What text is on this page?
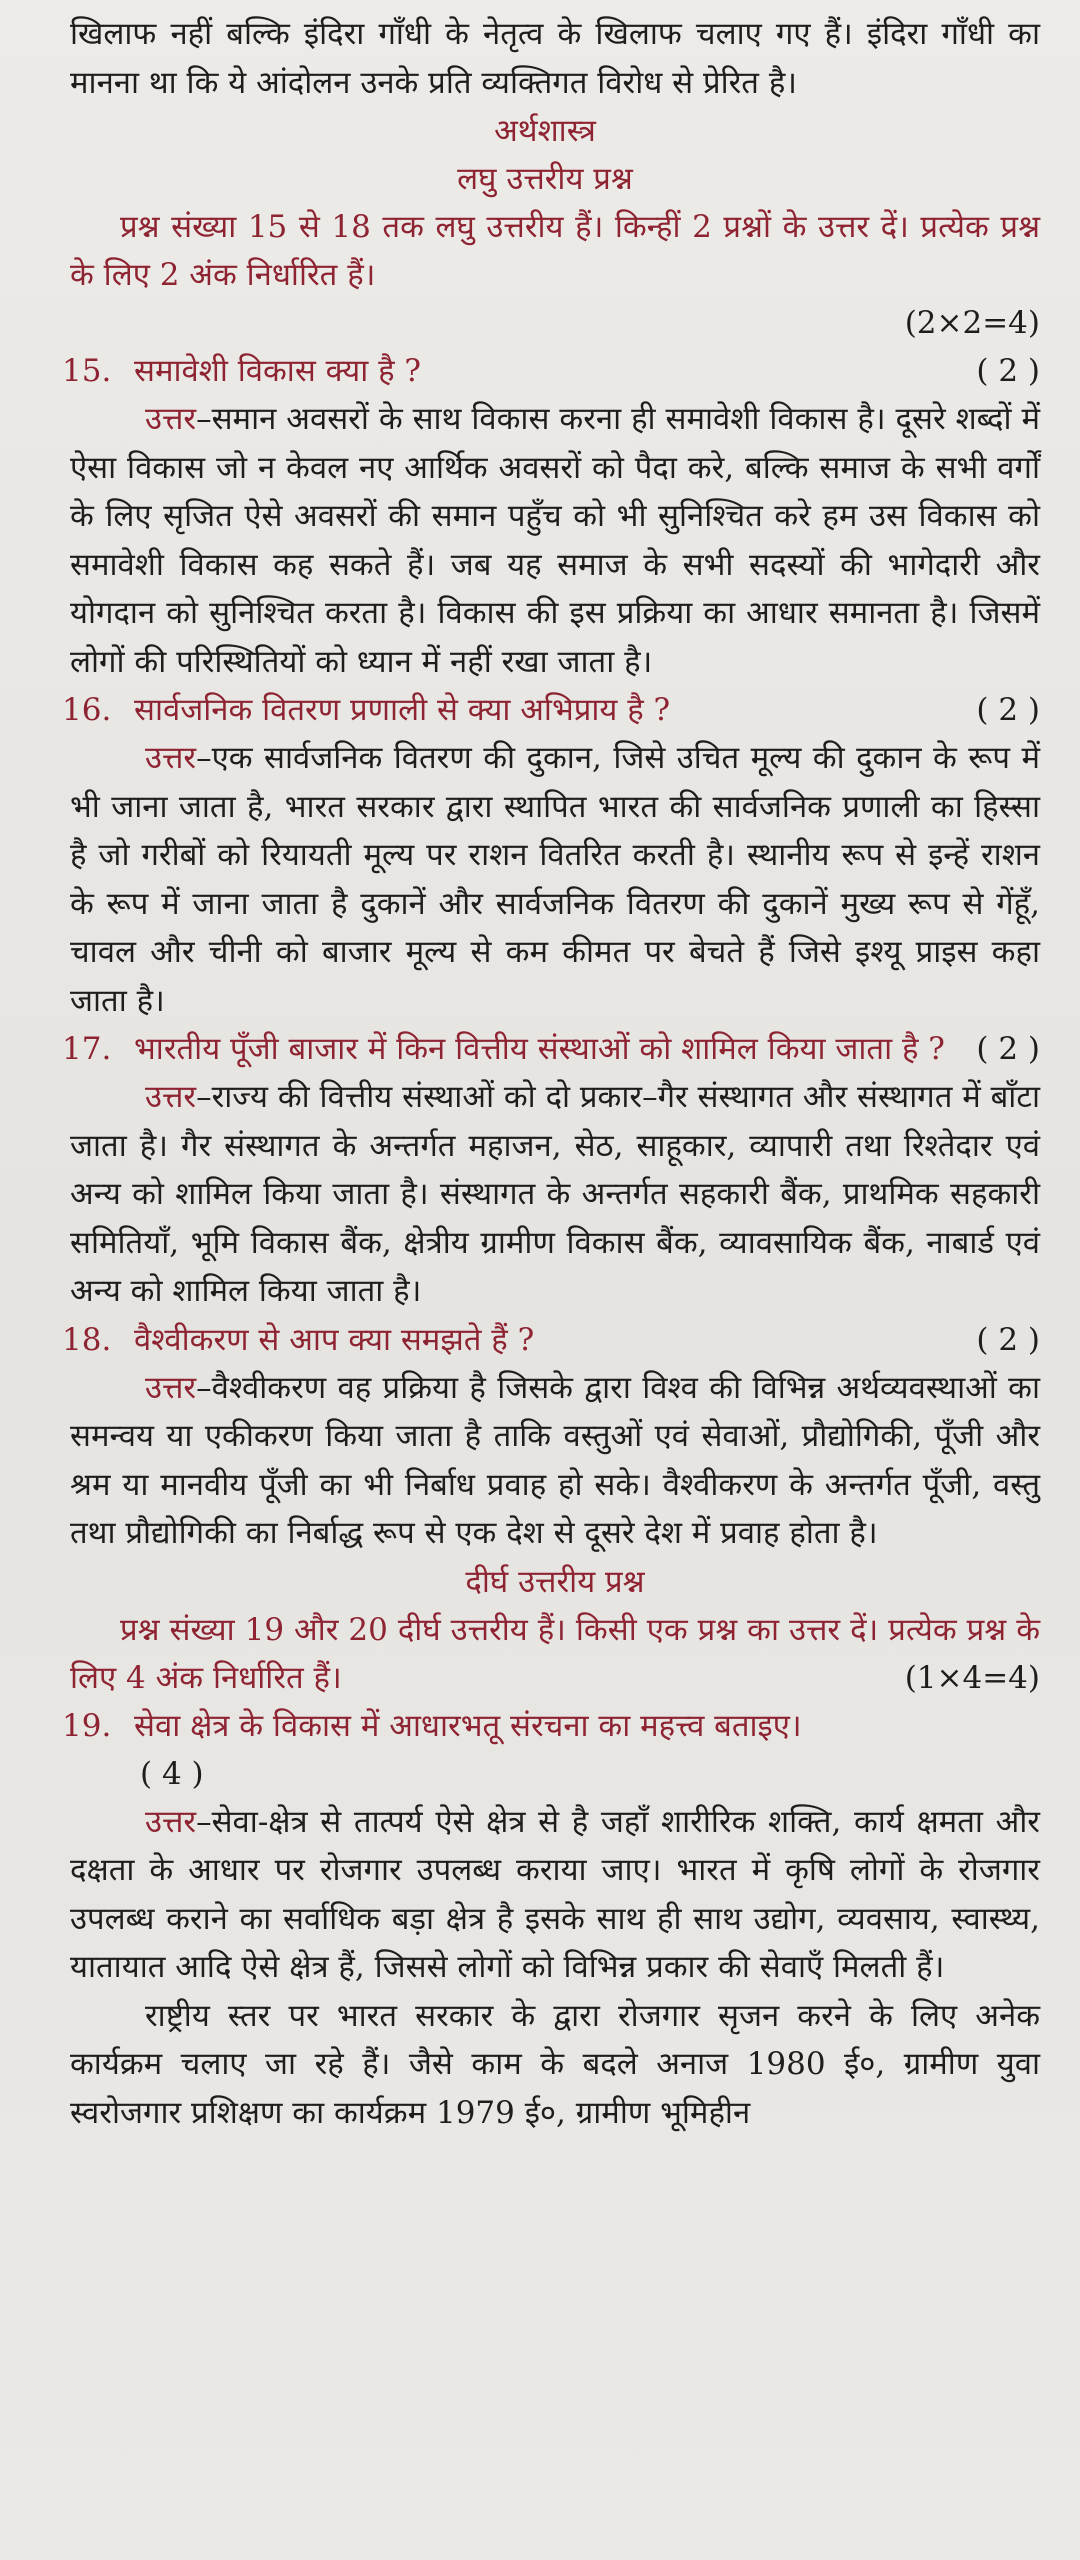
खिलाफ नहीं बल्कि इंदिरा गाँधी के नेतृत्व के खिलाफ चलाए गए हैं। इंदिरा गाँधी का मानना था कि ये आंदोलन उनके प्रति व्यक्तिगत विरोध से प्रेरित है।

अर्थशास्त्र

लघु उत्तरीय प्रश्न

प्रश्न संख्या 15 से 18 तक लघु उत्तरीय हैं। किन्हीं 2 प्रश्नों के उत्तर दें। प्रत्येक प्रश्न के लिए 2 अंक निर्धारित हैं।

(2×2=4)

15. समावेशी विकास क्या है ?	( 2 )

उत्तर–समान अवसरों के साथ विकास करना ही समावेशी विकास है। दूसरे शब्दों में ऐसा विकास जो न केवल नए आर्थिक अवसरों को पैदा करे, बल्कि समाज के सभी वर्गों के लिए सृजित ऐसे अवसरों की समान पहुँच को भी सुनिश्चित करे हम उस विकास को समावेशी विकास कह सकते हैं। जब यह समाज के सभी सदस्यों की भागेदारी और योगदान को सुनिश्चित करता है। विकास की इस प्रक्रिया का आधार समानता है। जिसमें लोगों की परिस्थितियों को ध्यान में नहीं रखा जाता है।

16. सार्वजनिक वितरण प्रणाली से क्या अभिप्राय है ?	( 2 )

उत्तर–एक सार्वजनिक वितरण की दुकान, जिसे उचित मूल्य की दुकान के रूप में भी जाना जाता है, भारत सरकार द्वारा स्थापित भारत की सार्वजनिक प्रणाली का हिस्सा है जो गरीबों को रियायती मूल्य पर राशन वितरित करती है। स्थानीय रूप से इन्हें राशन के रूप में जाना जाता है दुकानें और सार्वजनिक वितरण की दुकानें मुख्य रूप से गेंहूँ, चावल और चीनी को बाजार मूल्य से कम कीमत पर बेचते हैं जिसे इश्यू प्राइस कहा जाता है।

17. भारतीय पूँजी बाजार में किन वित्तीय संस्थाओं को शामिल किया जाता है ?	( 2 )

उत्तर–राज्य की वित्तीय संस्थाओं को दो प्रकार–गैर संस्थागत और संस्थागत में बाँटा जाता है। गैर संस्थागत के अन्तर्गत महाजन, सेठ, साहूकार, व्यापारी तथा रिश्तेदार एवं अन्य को शामिल किया जाता है। संस्थागत के अन्तर्गत सहकारी बैंक, प्राथमिक सहकारी समितियाँ, भूमि विकास बैंक, क्षेत्रीय ग्रामीण विकास बैंक, व्यावसायिक बैंक, नाबार्ड एवं अन्य को शामिल किया जाता है।

18. वैश्वीकरण से आप क्या समझते हैं ?	( 2 )

उत्तर–वैश्वीकरण वह प्रक्रिया है जिसके द्वारा विश्व की विभिन्न अर्थव्यवस्थाओं का समन्वय या एकीकरण किया जाता है ताकि वस्तुओं एवं सेवाओं, प्रौद्योगिकी, पूँजी और श्रम या मानवीय पूँजी का भी निर्बाध प्रवाह हो सके। वैश्वीकरण के अन्तर्गत पूँजी, वस्तु तथा प्रौद्योगिकी का निर्बाद्ध रूप से एक देश से दूसरे देश में प्रवाह होता है।

दीर्घ उत्तरीय प्रश्न

प्रश्न संख्या 19 और 20 दीर्घ उत्तरीय हैं। किसी एक प्रश्न का उत्तर दें। प्रत्येक प्रश्न के लिए 4 अंक निर्धारित हैं।	(1×4=4)

19. सेवा क्षेत्र के विकास में आधारभतू संरचना का महत्त्व बताइए।

( 4 )

उत्तर–सेवा-क्षेत्र से तात्पर्य ऐसे क्षेत्र से है जहाँ शारीरिक शक्ति, कार्य क्षमता और दक्षता के आधार पर रोजगार उपलब्ध कराया जाए। भारत में कृषि लोगों के रोजगार उपलब्ध कराने का सर्वाधिक बड़ा क्षेत्र है इसके साथ ही साथ उद्योग, व्यवसाय, स्वास्थ्य, यातायात आदि ऐसे क्षेत्र हैं, जिससे लोगों को विभिन्न प्रकार की सेवाएँ मिलती हैं।

राष्ट्रीय स्तर पर भारत सरकार के द्वारा रोजगार सृजन करने के लिए अनेक कार्यक्रम चलाए जा रहे हैं। जैसे काम के बदले अनाज 1980 ई०, ग्रामीण युवा स्वरोजगार प्रशिक्षण का कार्यक्रम 1979 ई०, ग्रामीण भूमिहीन
